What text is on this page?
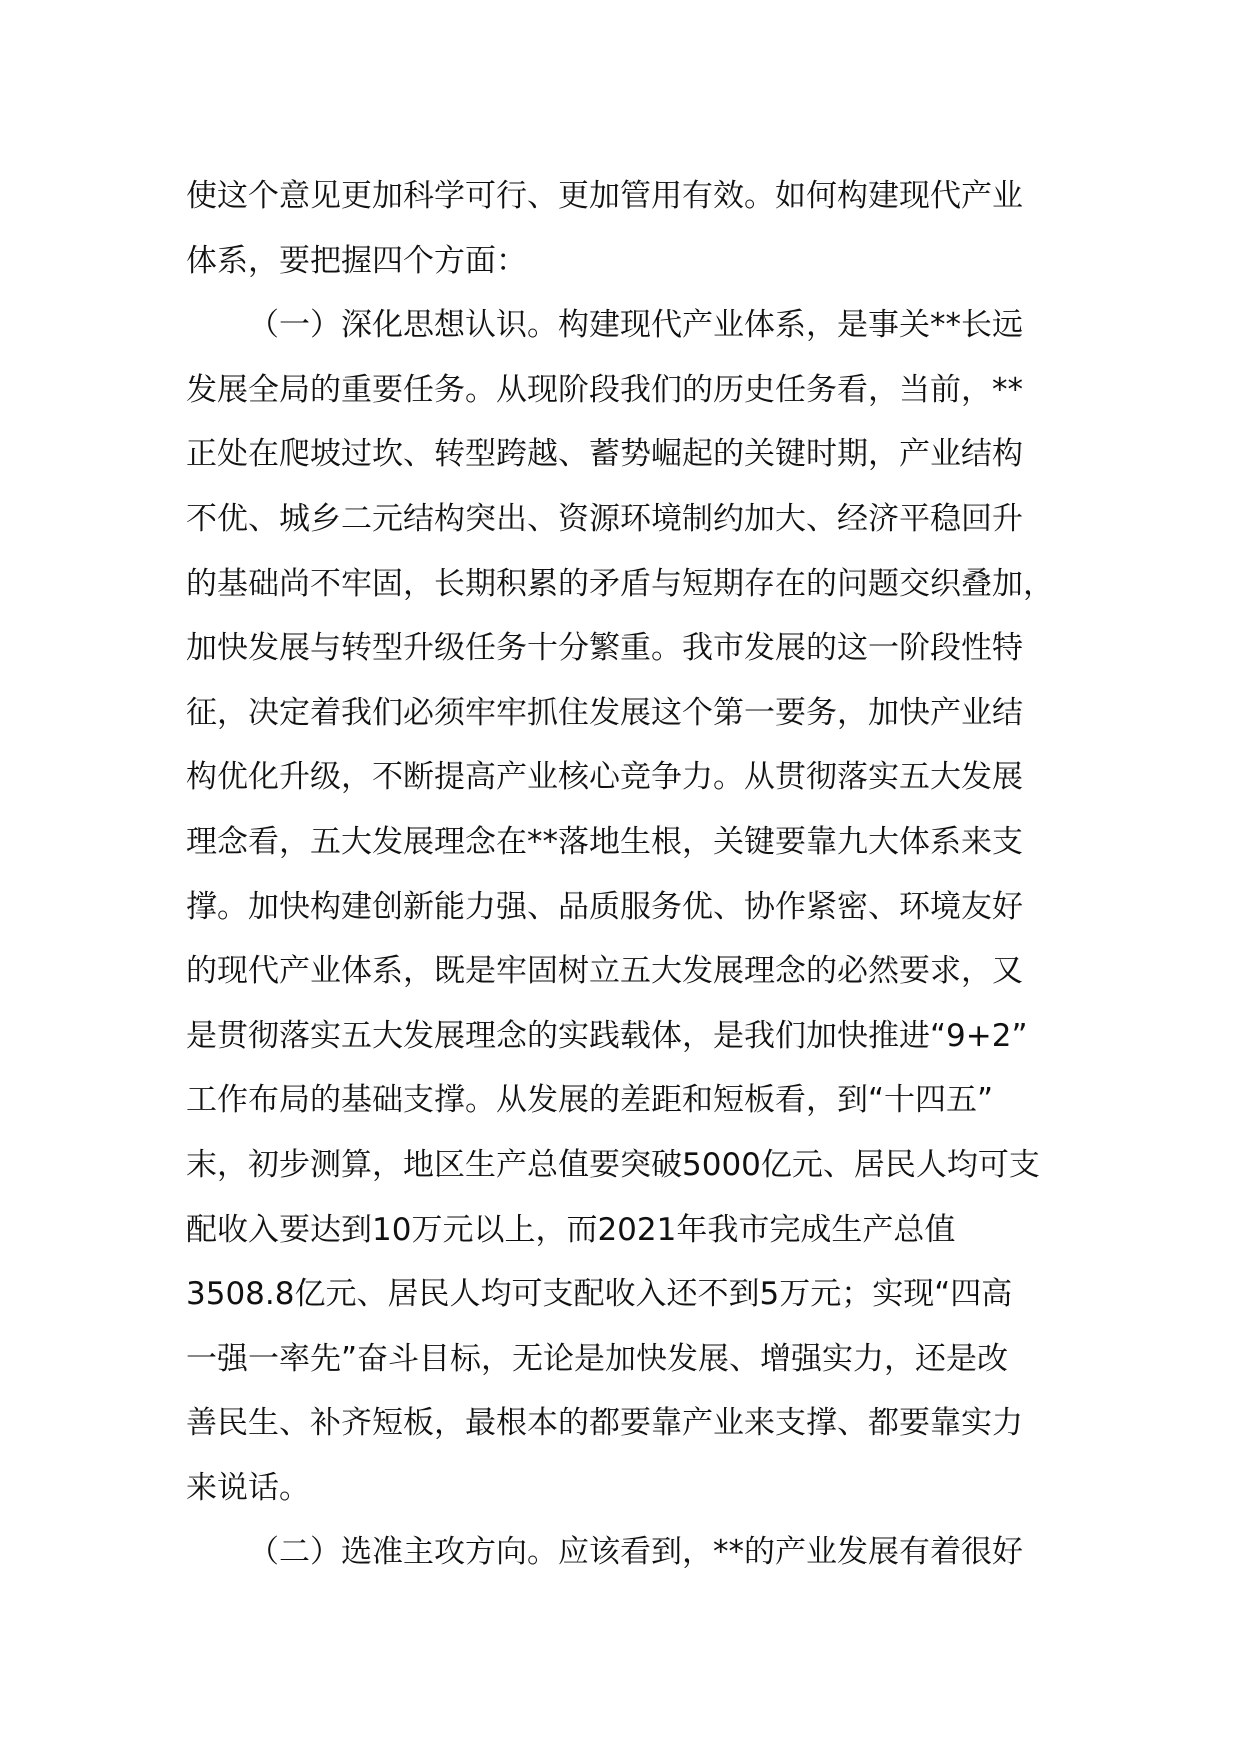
使这个意见更加科学可行、更加管用有效。如何构建现代产业
体系，要把握四个方面：
（一）深化思想认识。构建现代产业体系，是事关**长远
发展全局的重要任务。从现阶段我们的历史任务看，当前，**
正处在爬坡过坎、转型跨越、蓄势崛起的关键时期，产业结构
不优、城乡二元结构突出、资源环境制约加大、经济平稳回升
的基础尚不牢固，长期积累的矛盾与短期存在的问题交织叠加，
加快发展与转型升级任务十分繁重。我市发展的这一阶段性特
征，决定着我们必须牢牢抓住发展这个第一要务，加快产业结
构优化升级，不断提高产业核心竞争力。从贯彻落实五大发展
理念看，五大发展理念在**落地生根，关键要靠九大体系来支
撑。加快构建创新能力强、品质服务优、协作紧密、环境友好
的现代产业体系，既是牢固树立五大发展理念的必然要求，又
是贯彻落实五大发展理念的实践载体，是我们加快推进“9+2”
工作布局的基础支撑。从发展的差距和短板看，到“十四五”
末，初步测算，地区生产总值要突破5000亿元、居民人均可支
配收入要达到10万元以上，而2021年我市完成生产总值
3508.8亿元、居民人均可支配收入还不到5万元；实现“四高
一强一率先”奋斗目标，无论是加快发展、增强实力，还是改
善民生、补齐短板，最根本的都要靠产业来支撑、都要靠实力
来说话。
（二）选准主攻方向。应该看到，**的产业发展有着很好
